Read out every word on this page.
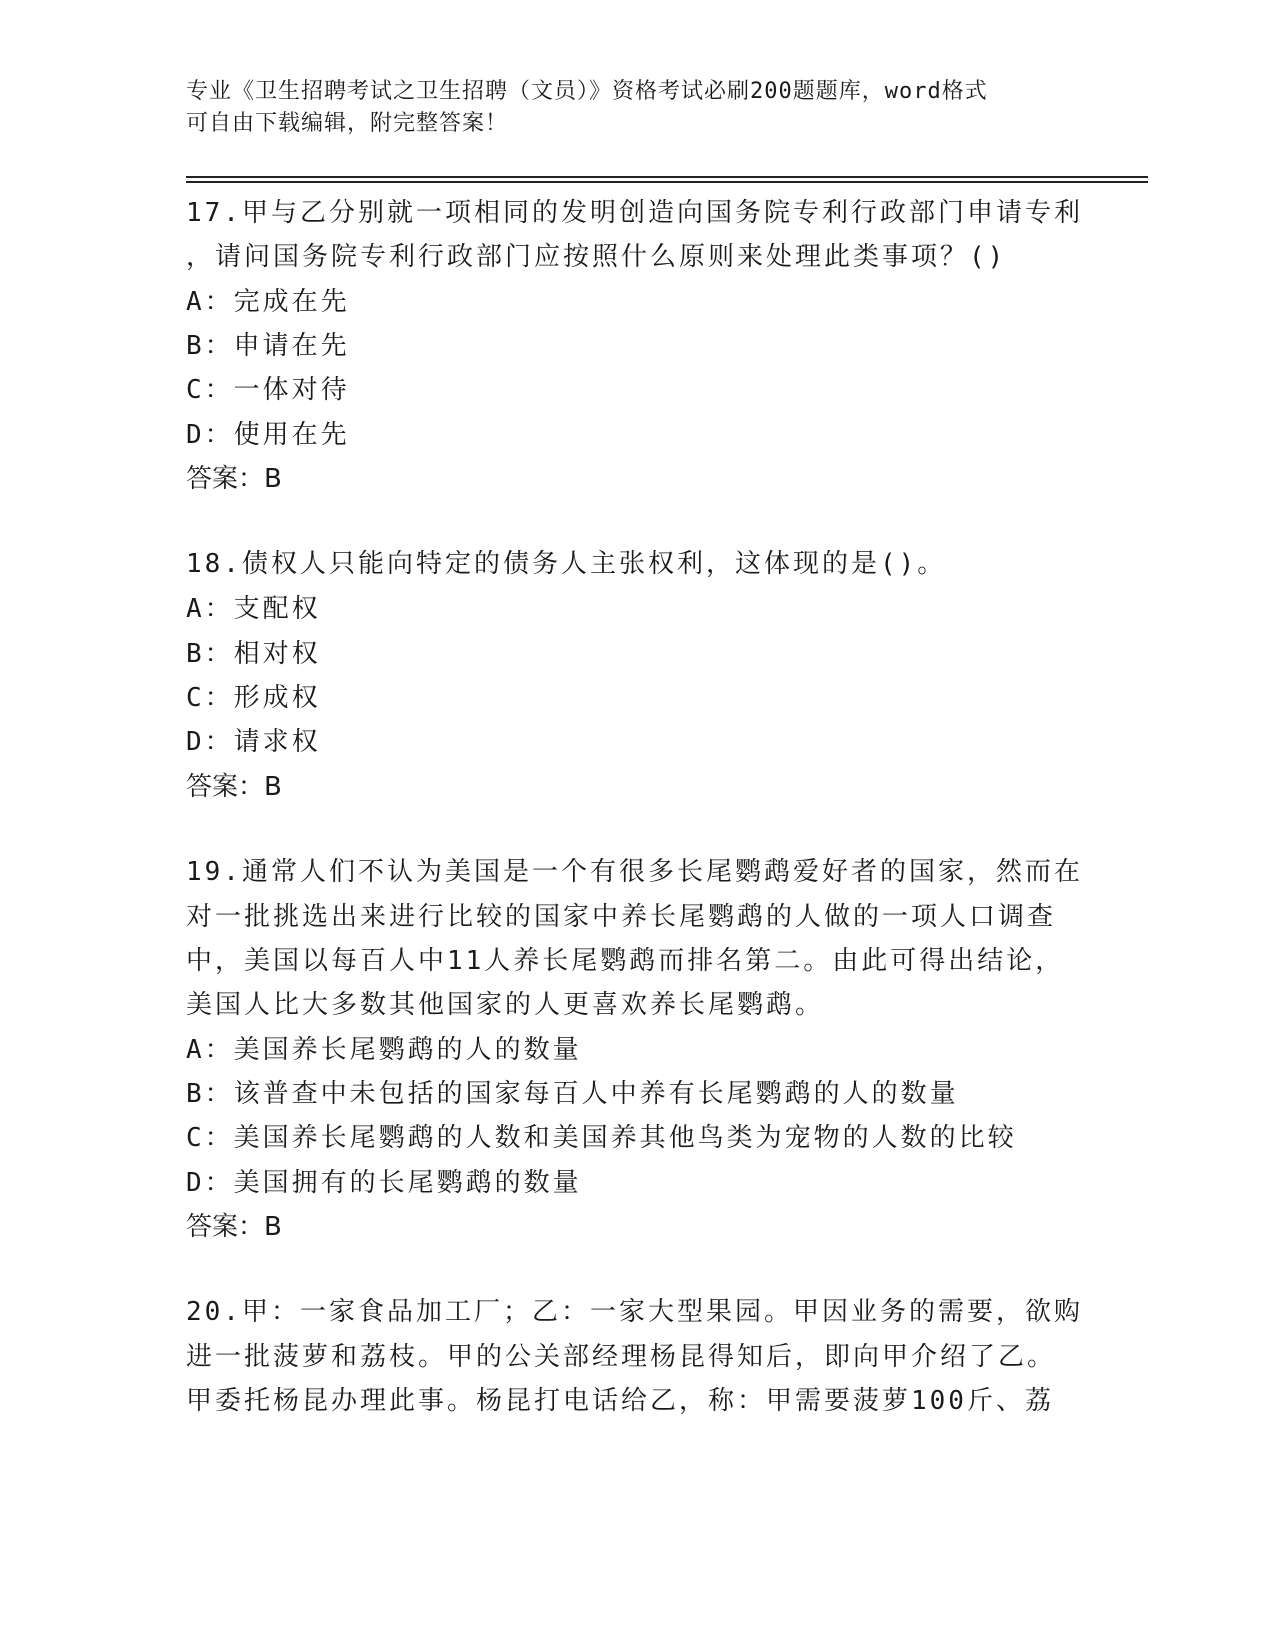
专业《卫生招聘考试之卫生招聘（文员）》资格考试必刷200题题库，word格式
可自由下载编辑，附完整答案！
17.甲与乙分别就一项相同的发明创造向国务院专利行政部门申请专利
，请问国务院专利行政部门应按照什么原则来处理此类事项？()
A：完成在先
B：申请在先
C：一体对待
D：使用在先
答案：B
18.债权人只能向特定的债务人主张权利，这体现的是()。
A：支配权
B：相对权
C：形成权
D：请求权
答案：B
19.通常人们不认为美国是一个有很多长尾鹦鹉爱好者的国家，然而在
对一批挑选出来进行比较的国家中养长尾鹦鹉的人做的一项人口调查
中，美国以每百人中11人养长尾鹦鹉而排名第二。由此可得出结论，
美国人比大多数其他国家的人更喜欢养长尾鹦鹉。
A：美国养长尾鹦鹉的人的数量
B：该普查中未包括的国家每百人中养有长尾鹦鹉的人的数量
C：美国养长尾鹦鹉的人数和美国养其他鸟类为宠物的人数的比较
D：美国拥有的长尾鹦鹉的数量
答案：B
20.甲：一家食品加工厂；乙：一家大型果园。甲因业务的需要，欲购
进一批菠萝和荔枝。甲的公关部经理杨昆得知后，即向甲介绍了乙。
甲委托杨昆办理此事。杨昆打电话给乙，称：甲需要菠萝100斤、荔
